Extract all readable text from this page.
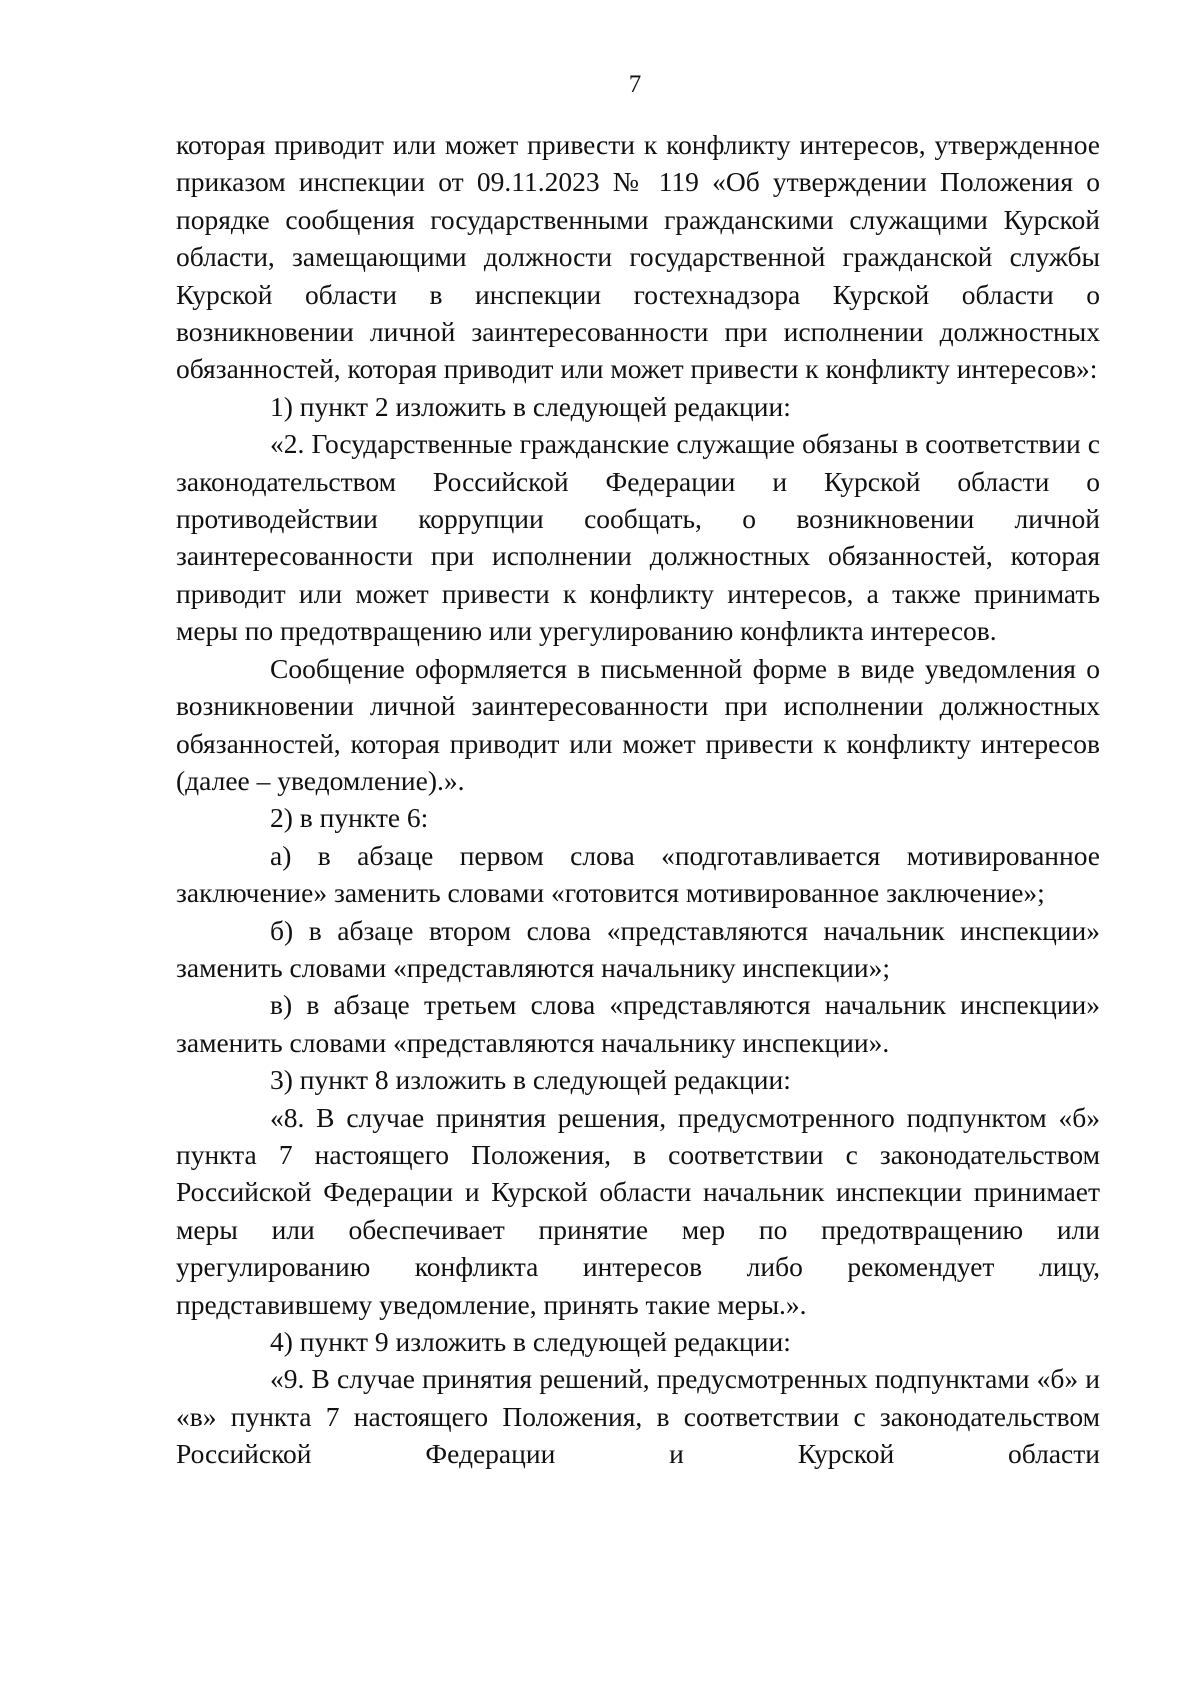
7

которая приводит или может привести к конфликту интересов, утвержденное приказом инспекции от 09.11.2023 № 119 «Об утверждении Положения о порядке сообщения государственными гражданскими служащими Курской области, замещающими должности государственной гражданской службы Курской области в инспекции гостехнадзора Курской области о возникновении личной заинтересованности при исполнении должностных обязанностей, которая приводит или может привести к конфликту интересов»:

1) пункт 2 изложить в следующей редакции:

«2. Государственные гражданские служащие обязаны в соответствии с законодательством Российской Федерации и Курской области о противодействии коррупции сообщать, о возникновении личной заинтересованности при исполнении должностных обязанностей, которая приводит или может привести к конфликту интересов, а также принимать меры по предотвращению или урегулированию конфликта интересов.

Сообщение оформляется в письменной форме в виде уведомления о возникновении личной заинтересованности при исполнении должностных обязанностей, которая приводит или может привести к конфликту интересов (далее – уведомление).».

2) в пункте 6:

а) в абзаце первом слова «подготавливается мотивированное заключение» заменить словами «готовится мотивированное заключение»;

б) в абзаце втором слова «представляются начальник инспекции» заменить словами «представляются начальнику инспекции»;

в) в абзаце третьем слова «представляются начальник инспекции» заменить словами «представляются начальнику инспекции».

3) пункт 8 изложить в следующей редакции:

«8. В случае принятия решения, предусмотренного подпунктом «б» пункта 7 настоящего Положения, в соответствии с законодательством Российской Федерации и Курской области начальник инспекции принимает меры или обеспечивает принятие мер по предотвращению или урегулированию конфликта интересов либо рекомендует лицу, представившему уведомление, принять такие меры.».

4) пункт 9 изложить в следующей редакции:

«9. В случае принятия решений, предусмотренных подпунктами «б» и «в» пункта 7 настоящего Положения, в соответствии с законодательством Российской Федерации и Курской области
